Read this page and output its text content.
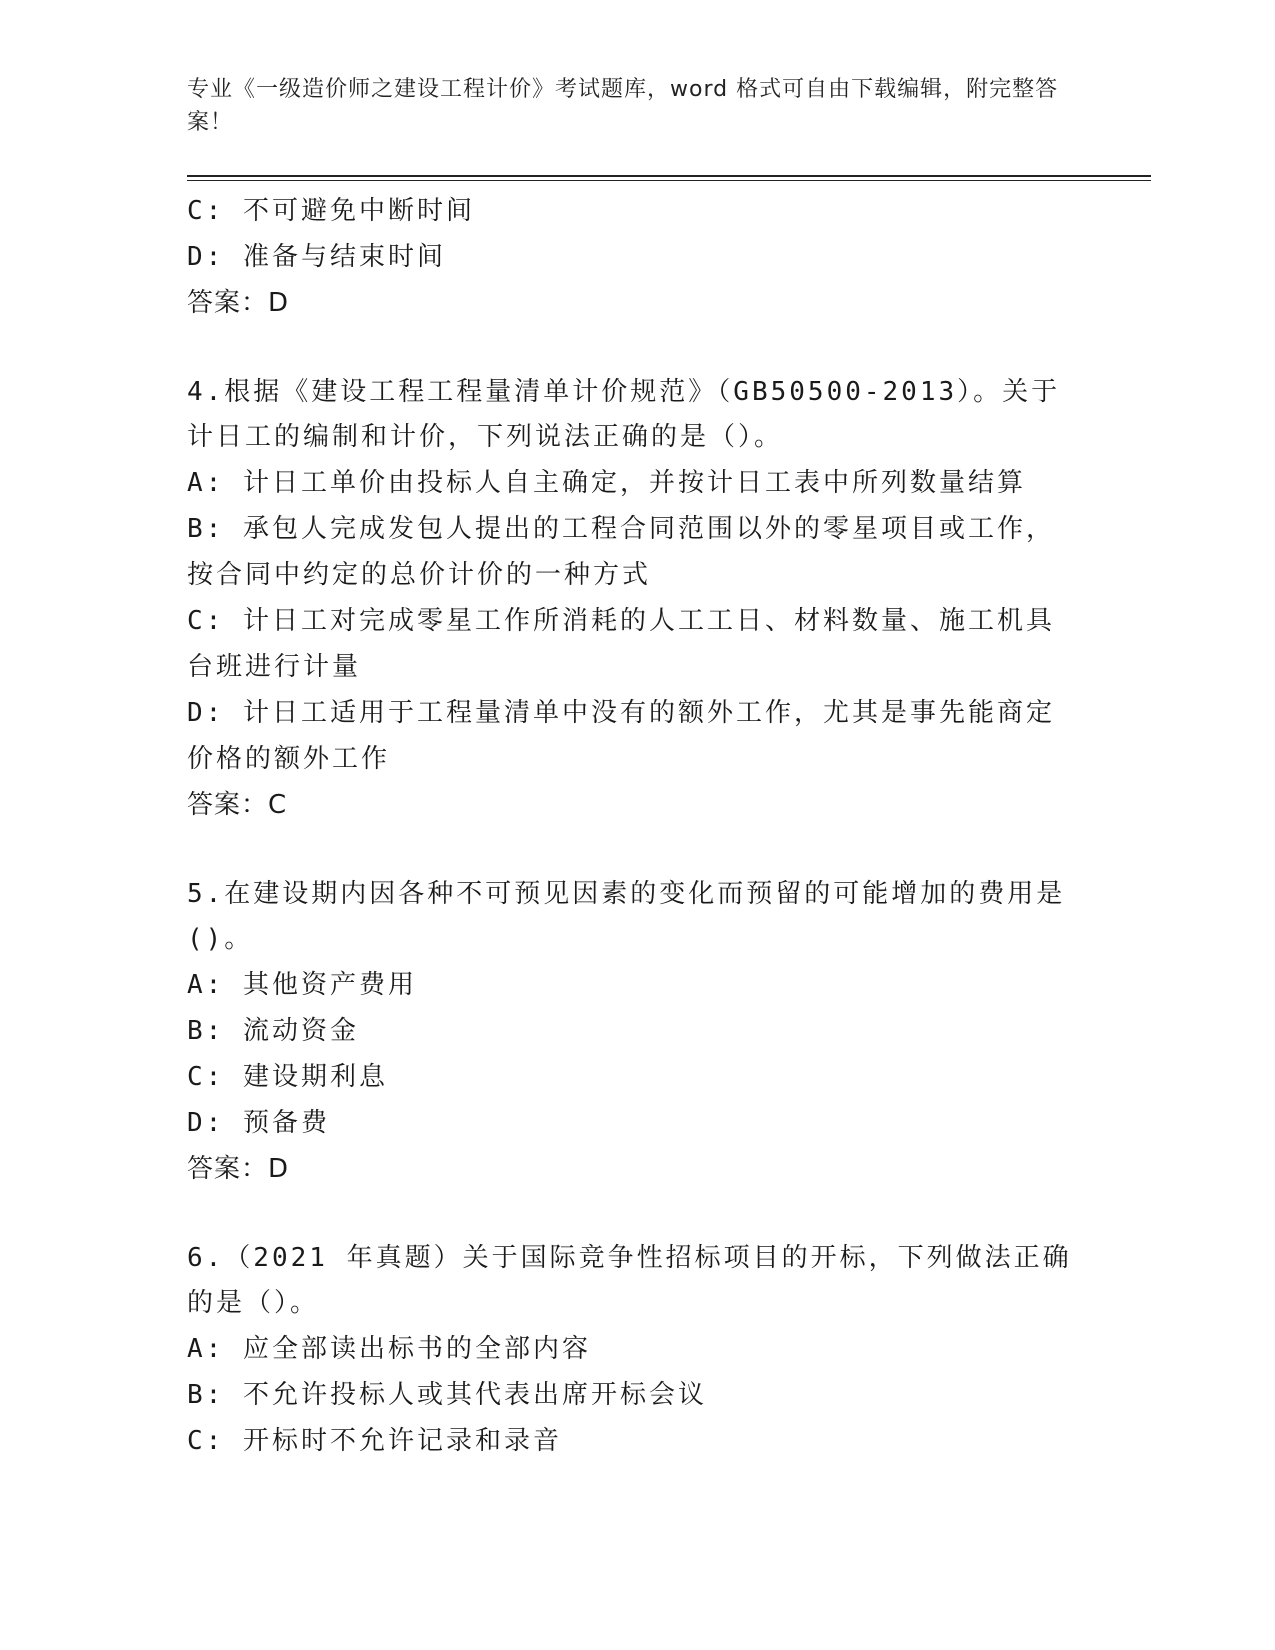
专业《一级造价师之建设工程计价》考试题库，word 格式可自由下载编辑，附完整答案！

C: 不可避免中断时间

D: 准备与结束时间

答案：D

4.根据《建设工程工程量清单计价规范》（GB50500-2013）。关于计日工的编制和计价，下列说法正确的是（）。

A: 计日工单价由投标人自主确定，并按计日工表中所列数量结算

B: 承包人完成发包人提出的工程合同范围以外的零星项目或工作，按合同中约定的总价计价的一种方式

C: 计日工对完成零星工作所消耗的人工工日、材料数量、施工机具台班进行计量

D: 计日工适用于工程量清单中没有的额外工作，尤其是事先能商定价格的额外工作

答案：C

5.在建设期内因各种不可预见因素的变化而预留的可能增加的费用是()。

A: 其他资产费用

B: 流动资金

C: 建设期利息

D: 预备费

答案：D

6.（2021 年真题）关于国际竞争性招标项目的开标，下列做法正确的是（）。

A: 应全部读出标书的全部内容

B: 不允许投标人或其代表出席开标会议

C: 开标时不允许记录和录音
